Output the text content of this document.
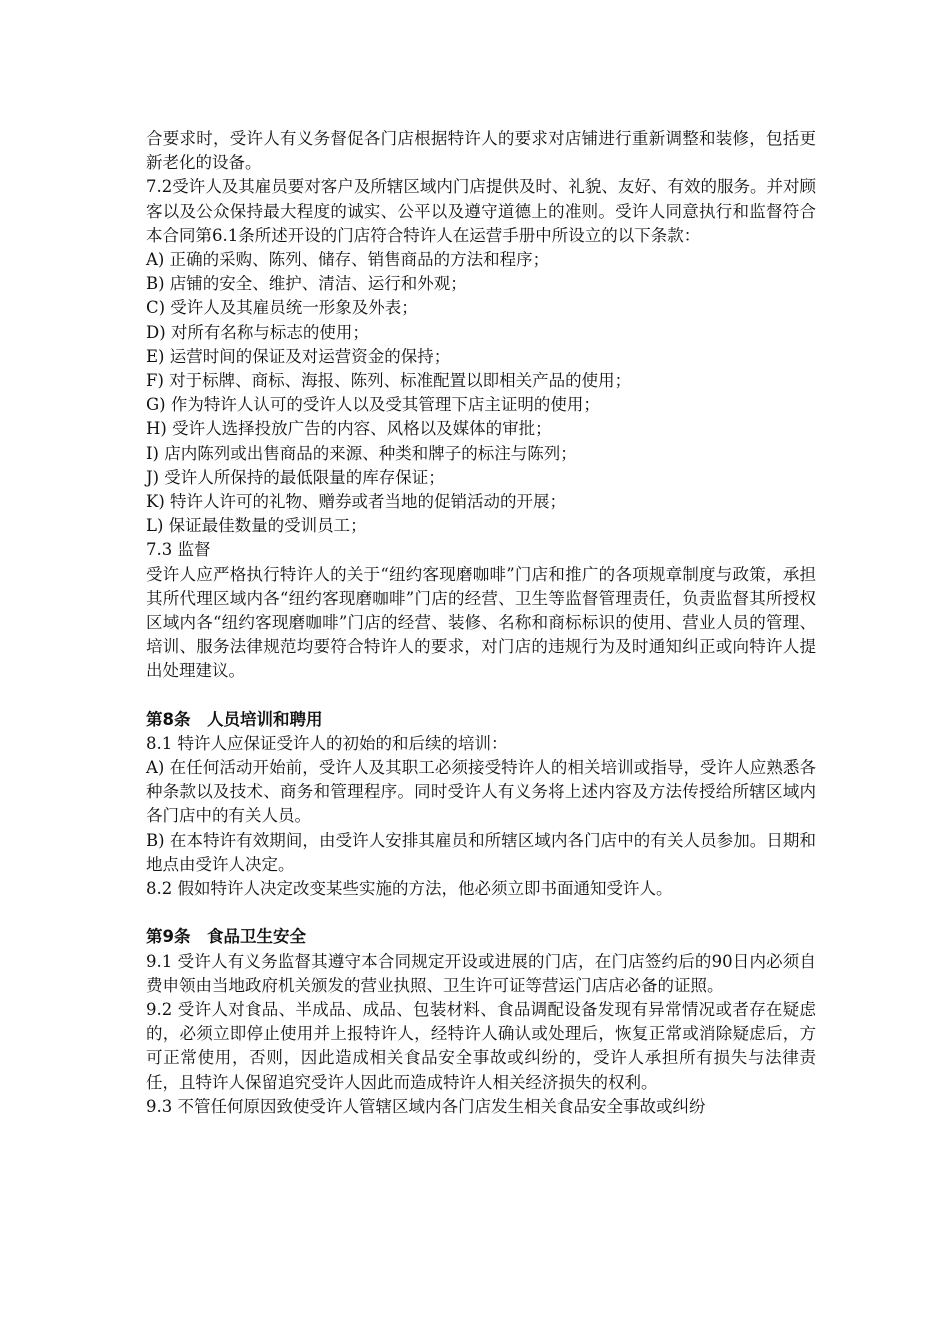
合要求时，受许人有义务督促各门店根据特许人的要求对店铺进行重新调整和装修，包括更新老化的设备。

7.2受许人及其雇员要对客户及所辖区域内门店提供及时、礼貌、友好、有效的服务。并对顾客以及公众保持最大程度的诚实、公平以及遵守道德上的准则。受许人同意执行和监督符合本合同第6.1条所述开设的门店符合特许人在运营手册中所设立的以下条款：

A) 正确的采购、陈列、储存、销售商品的方法和程序；

B) 店铺的安全、维护、清洁、运行和外观；

C) 受许人及其雇员统一形象及外表；

D) 对所有名称与标志的使用；

E) 运营时间的保证及对运营资金的保持；

F) 对于标牌、商标、海报、陈列、标准配置以即相关产品的使用；

G) 作为特许人认可的受许人以及受其管理下店主证明的使用；

H) 受许人选择投放广告的内容、风格以及媒体的审批；

I) 店内陈列或出售商品的来源、种类和牌子的标注与陈列；

J) 受许人所保持的最低限量的库存保证；

K) 特许人许可的礼物、赠券或者当地的促销活动的开展；

L) 保证最佳数量的受训员工；

7.3 监督

受许人应严格执行特许人的关于“纽约客现磨咖啡”门店和推广的各项规章制度与政策，承担其所代理区域内各“纽约客现磨咖啡”门店的经营、卫生等监督管理责任，负责监督其所授权区域内各“纽约客现磨咖啡”门店的经营、装修、名称和商标标识的使用、营业人员的管理、培训、服务法律规范均要符合特许人的要求，对门店的违规行为及时通知纠正或向特许人提出处理建议。

第8条　人员培训和聘用

8.1 特许人应保证受许人的初始的和后续的培训：

A) 在任何活动开始前，受许人及其职工必须接受特许人的相关培训或指导，受许人应熟悉各种条款以及技术、商务和管理程序。同时受许人有义务将上述内容及方法传授给所辖区域内各门店中的有关人员。

B) 在本特许有效期间，由受许人安排其雇员和所辖区域内各门店中的有关人员参加。日期和地点由受许人决定。

8.2 假如特许人决定改变某些实施的方法，他必须立即书面通知受许人。

第9条　食品卫生安全

9.1 受许人有义务监督其遵守本合同规定开设或进展的门店，在门店签约后的90日内必须自费申领由当地政府机关颁发的营业执照、卫生许可证等营运门店店必备的证照。

9.2 受许人对食品、半成品、成品、包装材料、食品调配设备发现有异常情况或者存在疑虑的，必须立即停止使用并上报特许人，经特许人确认或处理后，恢复正常或消除疑虑后，方可正常使用，否则，因此造成相关食品安全事故或纠纷的，受许人承担所有损失与法律责任，且特许人保留追究受许人因此而造成特许人相关经济损失的权利。

9.3 不管任何原因致使受许人管辖区域内各门店发生相关食品安全事故或纠纷
